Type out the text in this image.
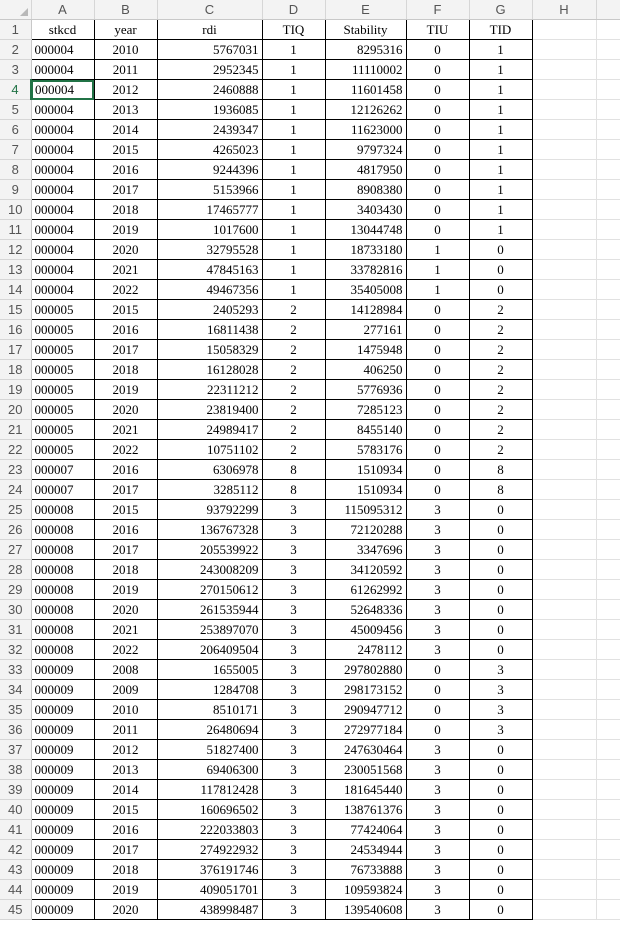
	A	B	C	D	E	F	G	H	
1	stkcd	year	rdi	TIQ	Stability	TIU	TID		
2	000004	2010	5767031	1	8295316	0	1		
3	000004	2011	2952345	1	11110002	0	1		
4	000004	2012	2460888	1	11601458	0	1		
5	000004	2013	1936085	1	12126262	0	1		
6	000004	2014	2439347	1	11623000	0	1		
7	000004	2015	4265023	1	9797324	0	1		
8	000004	2016	9244396	1	4817950	0	1		
9	000004	2017	5153966	1	8908380	0	1		
10	000004	2018	17465777	1	3403430	0	1		
11	000004	2019	1017600	1	13044748	0	1		
12	000004	2020	32795528	1	18733180	1	0		
13	000004	2021	47845163	1	33782816	1	0		
14	000004	2022	49467356	1	35405008	1	0		
15	000005	2015	2405293	2	14128984	0	2		
16	000005	2016	16811438	2	277161	0	2		
17	000005	2017	15058329	2	1475948	0	2		
18	000005	2018	16128028	2	406250	0	2		
19	000005	2019	22311212	2	5776936	0	2		
20	000005	2020	23819400	2	7285123	0	2		
21	000005	2021	24989417	2	8455140	0	2		
22	000005	2022	10751102	2	5783176	0	2		
23	000007	2016	6306978	8	1510934	0	8		
24	000007	2017	3285112	8	1510934	0	8		
25	000008	2015	93792299	3	115095312	3	0		
26	000008	2016	136767328	3	72120288	3	0		
27	000008	2017	205539922	3	3347696	3	0		
28	000008	2018	243008209	3	34120592	3	0		
29	000008	2019	270150612	3	61262992	3	0		
30	000008	2020	261535944	3	52648336	3	0		
31	000008	2021	253897070	3	45009456	3	0		
32	000008	2022	206409504	3	2478112	3	0		
33	000009	2008	1655005	3	297802880	0	3		
34	000009	2009	1284708	3	298173152	0	3		
35	000009	2010	8510171	3	290947712	0	3		
36	000009	2011	26480694	3	272977184	0	3		
37	000009	2012	51827400	3	247630464	3	0		
38	000009	2013	69406300	3	230051568	3	0		
39	000009	2014	117812428	3	181645440	3	0		
40	000009	2015	160696502	3	138761376	3	0		
41	000009	2016	222033803	3	77424064	3	0		
42	000009	2017	274922932	3	24534944	3	0		
43	000009	2018	376191746	3	76733888	3	0		
44	000009	2019	409051701	3	109593824	3	0		
45	000009	2020	438998487	3	139540608	3	0		
